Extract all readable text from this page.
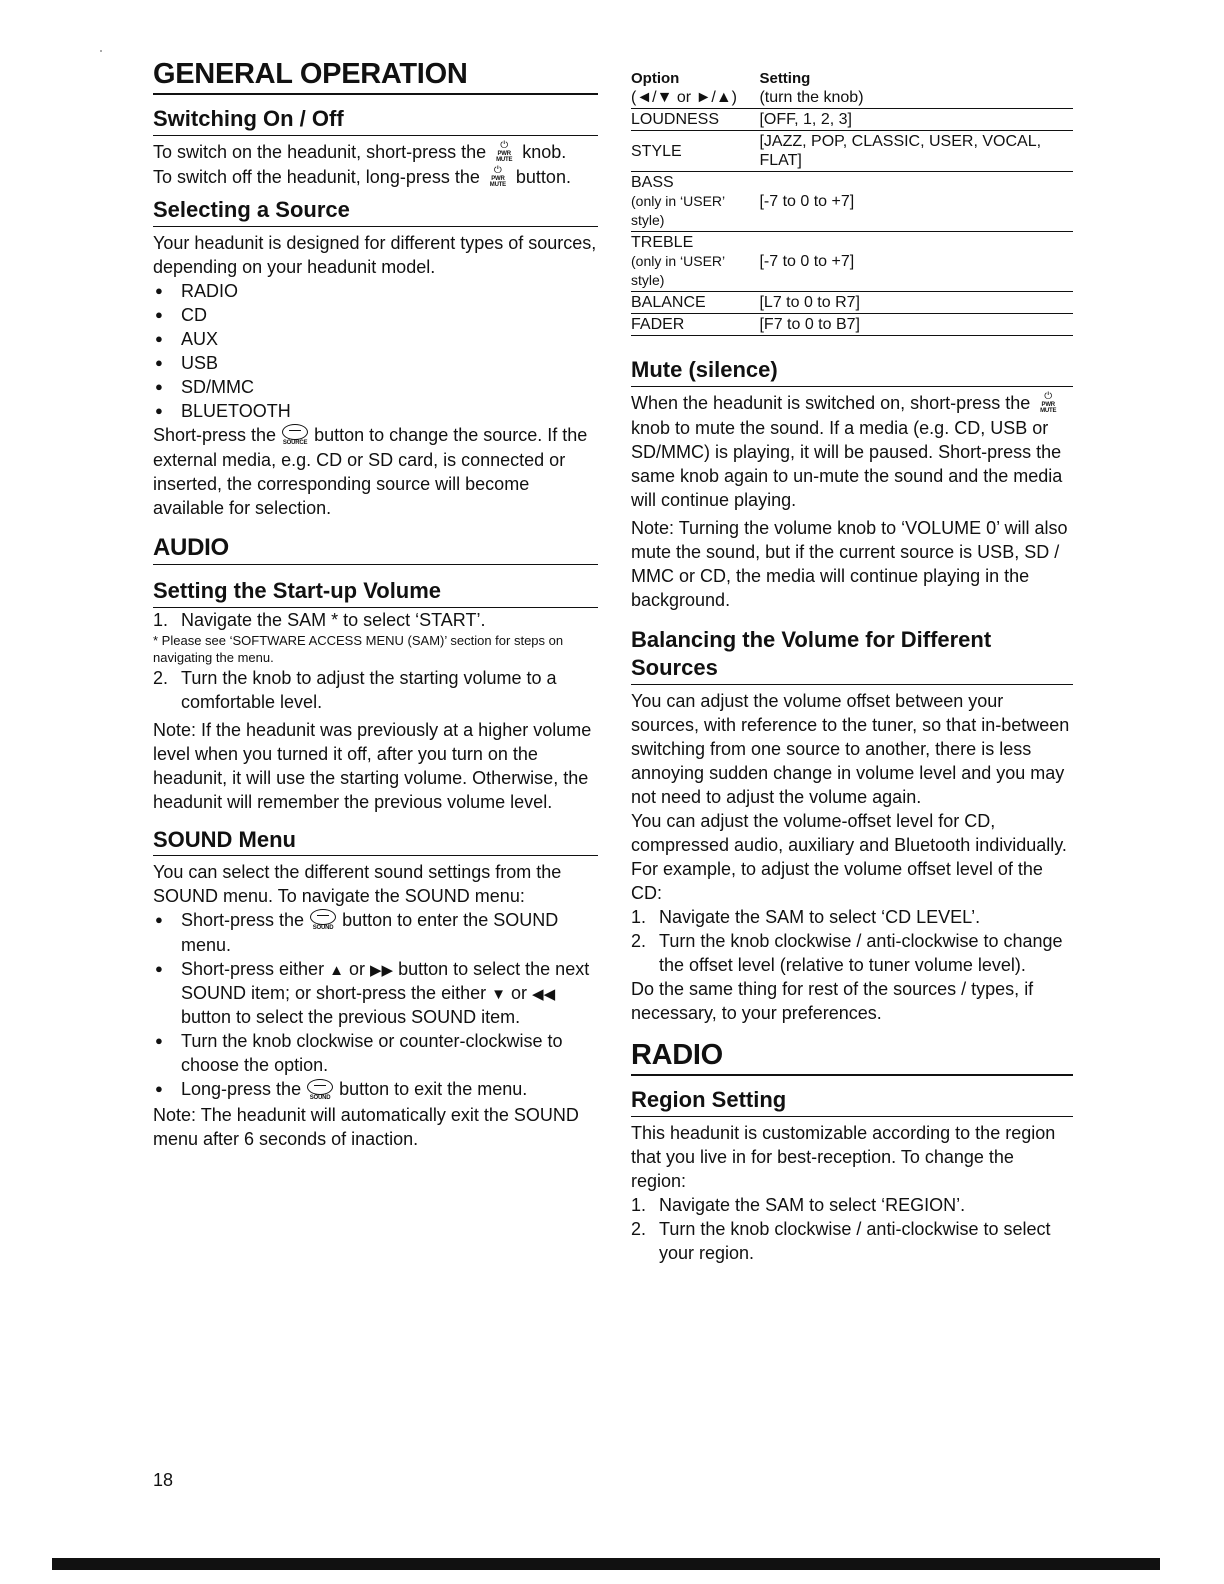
GENERAL OPERATION
Switching On / Off

To switch on the headunit, short-press the	⏻
PWR MUTE knob.

To switch off the headunit, long-press the	⏻
PWR MUTE button.

Selecting a Source

Your headunit is designed for different types of sources, depending on your headunit model.

● RADIO
● CD
● AUX
● USB
● SD/MMC
● BLUETOOTH

Short-press the SOURCE button to change the source. If the external media, e.g. CD or SD card, is connected or inserted, the corresponding source will become available for selection.

AUDIO
Setting the Start-up Volume
1. Navigate the SAM * to select ‘START’.

* Please see ‘SOFTWARE ACCESS MENU (SAM)’ section for steps on navigating the menu.

2. Turn the knob to adjust the starting volume to a comfortable level.

Note: If the headunit was previously at a higher volume level when you turned it off, after you turn on the headunit, it will use the starting volume. Otherwise, the headunit will remember the previous volume level.

SOUND Menu

You can select the different sound settings from the SOUND menu. To navigate the SOUND menu:

● Short-press the	SOUND button to enter the SOUND menu.
● Short-press either ▲ or ▶▶ button to select the next SOUND item; or short-press the either ▼ or ◀◀ button to select the previous SOUND item.
● Turn the knob clockwise or counter-clockwise to choose the option.
● Long-press the	SOUND button to exit the menu.

Note: The headunit will automatically exit the SOUND menu after 6 seconds of inaction.

Option	Setting
(◄/▼ or ►/▲)	(turn the knob)
LOUDNESS	[OFF, 1, 2, 3]
STYLE	[JAZZ, POP, CLASSIC, USER, VOCAL, FLAT]
BASS
(only in ‘USER’ style)	[-7 to 0 to +7]
TREBLE
(only in ‘USER’ style)	[-7 to 0 to +7]
BALANCE	[L7 to 0 to R7]
FADER	[F7 to 0 to B7]
Mute (silence)

When the headunit is switched on, short-press the	⏻
PWR MUTE
knob to mute the sound. If a media (e.g. CD, USB or SD/MMC) is playing, it will be paused. Short-press the same knob again to un-mute the sound and the media will continue playing.

Note: Turning the volume knob to ‘VOLUME 0’ will also mute the sound, but if the current source is USB, SD / MMC or CD, the media will continue playing in the background.

Balancing the Volume for Different Sources

You can adjust the volume offset between your sources, with reference to the tuner, so that in-between switching from one source to another, there is less annoying sudden change in volume level and you may not need to adjust the volume again.

You can adjust the volume-offset level for CD, compressed audio, auxiliary and Bluetooth individually. For example, to adjust the volume offset level of the CD:

1. Navigate the SAM to select ‘CD LEVEL’.
2. Turn the knob clockwise / anti-clockwise to change the offset level (relative to tuner volume level).

Do the same thing for rest of the sources / types, if necessary, to your preferences.

RADIO
Region Setting

This headunit is customizable according to the region that you live in for best-reception. To change the region:

1. Navigate the SAM to select ‘REGION’.
2. Turn the knob clockwise / anti-clockwise to select your region.
18
